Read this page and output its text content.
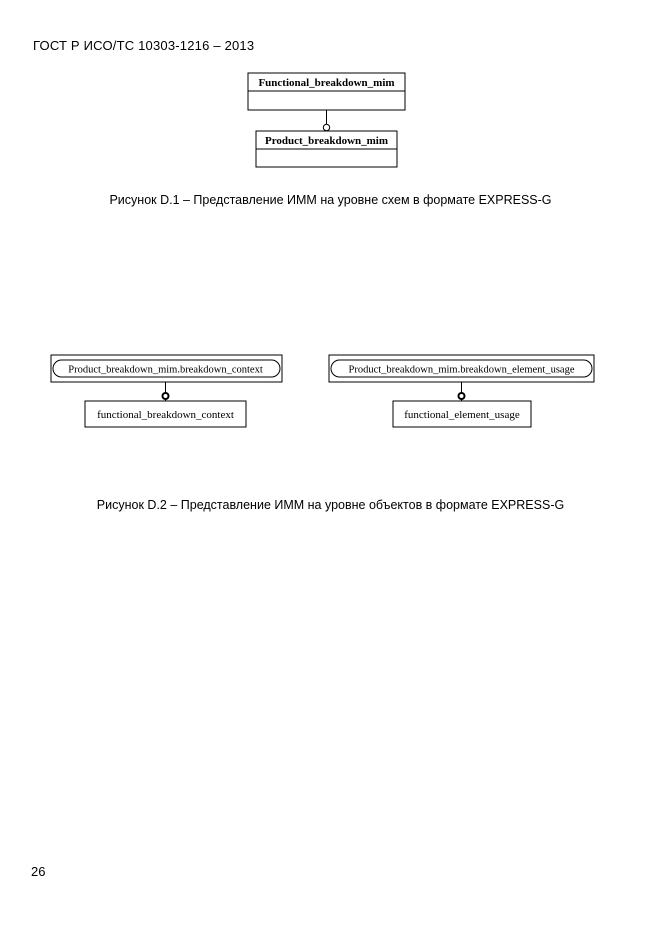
ГОСТ Р ИСО/ТС 10303-1216 – 2013
Functional_breakdown_mim
Product_breakdown_mim
Product_breakdown_mim.breakdown_context
functional_breakdown_context
Product_breakdown_mim.breakdown_element_usage
functional_element_usage
Рисунок D.1 – Представление ИММ на уровне схем в формате EXPRESS-G
Рисунок D.2 – Представление ИММ на уровне объектов в формате EXPRESS-G
26
